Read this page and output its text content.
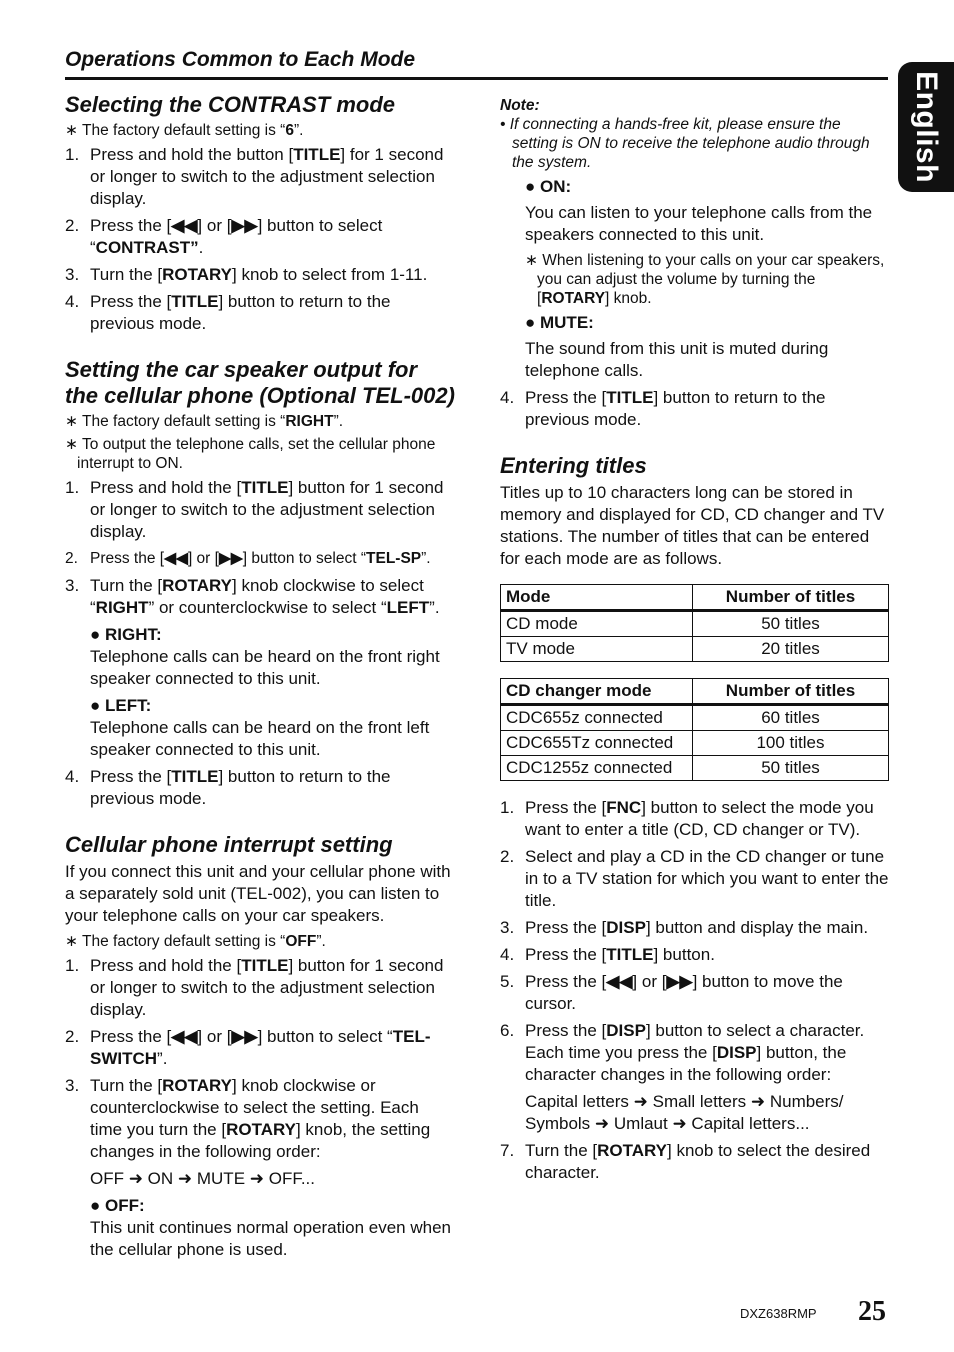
Operations Common to Each Mode
English
Selecting the CONTRAST mode

∗ The factory default setting is “6”.

1. Press and hold the button [TITLE] for 1 second or longer to switch to the adjustment selection display.
2. Press the [◀◀] or [▶▶] button to select “CONTRAST”.
3. Turn the [ROTARY] knob to select from 1-11.
4. Press the [TITLE] button to return to the previous mode.
Setting the car speaker output for the cellular phone (Optional TEL-002)

∗ The factory default setting is “RIGHT”.

∗ To output the telephone calls, set the cellular phone interrupt to ON.

1. Press and hold the [TITLE] button for 1 second or longer to switch to the adjustment selection display.
2. Press the [◀◀] or [▶▶] button to select “TEL-SP”.
3. Turn the [ROTARY] knob clockwise to select “RIGHT” or counterclockwise to select “LEFT”.
● RIGHT:
Telephone calls can be heard on the front right speaker connected to this unit.
● LEFT:
Telephone calls can be heard on the front left speaker connected to this unit.
4. Press the [TITLE] button to return to the previous mode.
Cellular phone interrupt setting
If you connect this unit and your cellular phone with a separately sold unit (TEL-002), you can listen to your telephone calls on your car speakers.

∗ The factory default setting is “OFF”.

1. Press and hold the [TITLE] button for 1 second or longer to switch to the adjustment selection display.
2. Press the [◀◀] or [▶▶] button to select “TEL-SWITCH”.
3. Turn the [ROTARY] knob clockwise or counterclockwise to select the setting. Each time you turn the [ROTARY] knob, the setting changes in the following order:
OFF ➜ ON ➜ MUTE ➜ OFF...
● OFF:
This unit continues normal operation even when the cellular phone is used.
Note:

• If connecting a hands-free kit, please ensure the setting is ON to receive the telephone audio through the system.

● ON:
You can listen to your telephone calls from the speakers connected to this unit.

∗ When listening to your calls on your car speakers, you can adjust the volume by turning the [ROTARY] knob.

● MUTE:
The sound from this unit is muted during telephone calls.
4. Press the [TITLE] button to return to the previous mode.
Entering titles
Titles up to 10 characters long can be stored in memory and displayed for CD, CD changer and TV stations. The number of titles that can be entered for each mode are as follows.
Mode	Number of titles
CD mode	50 titles
TV mode	20 titles
CD changer mode	Number of titles
CDC655z connected	60 titles
CDC655Tz connected	100 titles
CDC1255z connected	50 titles
1. Press the [FNC] button to select the mode you want to enter a title (CD, CD changer or TV).
2. Select and play a CD in the CD changer or tune in to a TV station for which you want to enter the title.
3. Press the [DISP] button and display the main.
4. Press the [TITLE] button.
5. Press the [◀◀] or [▶▶] button to move the cursor.
6. Press the [DISP] button to select a character. Each time you press the [DISP] button, the character changes in the following order:
Capital letters ➜ Small letters ➜ Numbers/ Symbols ➜ Umlaut ➜ Capital letters...
7. Turn the [ROTARY] knob to select the desired character.
DXZ638RMP 25
